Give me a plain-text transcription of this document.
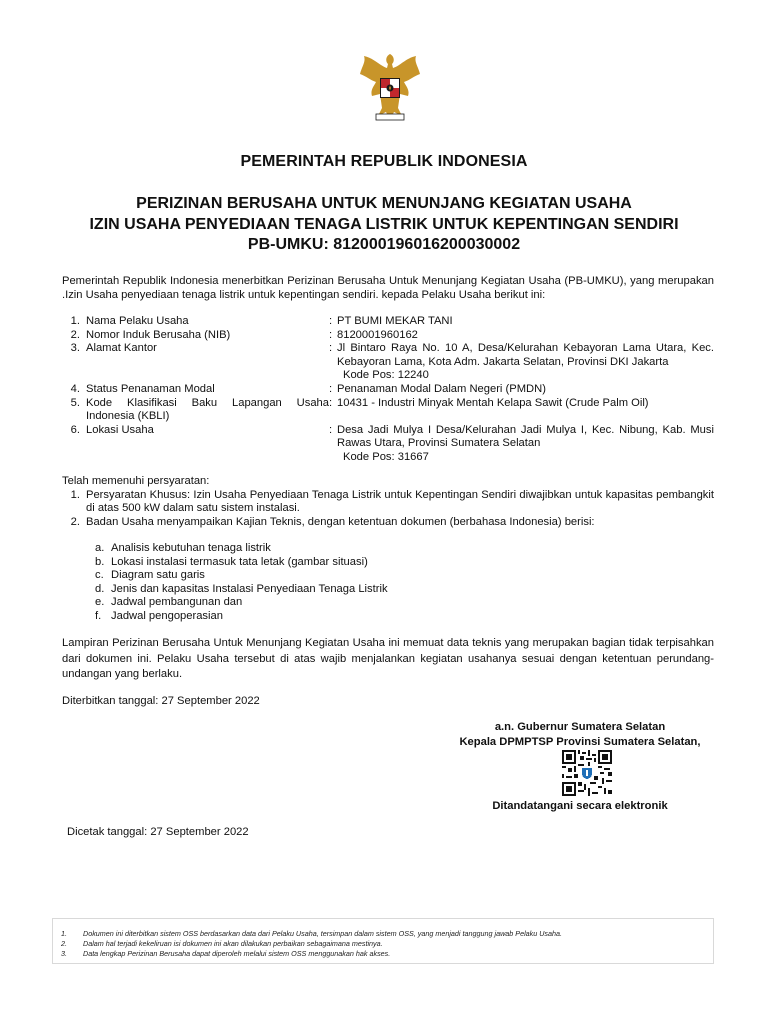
PEMERINTAH REPUBLIK INDONESIA
PERIZINAN BERUSAHA UNTUK MENUNJANG KEGIATAN USAHA
IZIN USAHA PENYEDIAAN TENAGA LISTRIK UNTUK KEPENTINGAN SENDIRI
PB-UMKU: 812000196016200030002
Pemerintah Republik Indonesia menerbitkan Perizinan Berusaha Untuk Menunjang Kegiatan Usaha (PB-UMKU), yang merupakan .Izin Usaha penyediaan tenaga listrik untuk kepentingan sendiri. kepada Pelaku Usaha berikut ini:
1. Nama Pelaku Usaha	: PT BUMI MEKAR TANI
2. Nomor Induk Berusaha (NIB)	: 8120001960162
3. Alamat Kantor	: Jl Bintaro Raya No. 10 A, Desa/Kelurahan Kebayoran Lama Utara, Kec. Kebayoran Lama, Kota Adm. Jakarta Selatan, Provinsi DKI Jakarta
Kode Pos: 12240
4. Status Penanaman Modal	: Penanaman Modal Dalam Negeri (PMDN)
5. Kode Klasifikasi Baku Lapangan Usaha : 10431 - Industri Minyak Mentah Kelapa Sawit (Crude Palm Oil)
Indonesia (KBLI)
6. Lokasi Usaha	: Desa Jadi Mulya I Desa/Kelurahan Jadi Mulya I, Kec. Nibung, Kab. Musi Rawas Utara, Provinsi Sumatera Selatan
Kode Pos: 31667
Telah memenuhi persyaratan:
1. Persyaratan Khusus: Izin Usaha Penyediaan Tenaga Listrik untuk Kepentingan Sendiri diwajibkan untuk kapasitas pembangkit di atas 500 kW dalam satu sistem instalasi.
2. Badan Usaha menyampaikan Kajian Teknis, dengan ketentuan dokumen (berbahasa Indonesia) berisi:
a. Analisis kebutuhan tenaga listrik
b. Lokasi instalasi termasuk tata letak (gambar situasi)
c. Diagram satu garis
d. Jenis dan kapasitas Instalasi Penyediaan Tenaga Listrik
e. Jadwal pembangunan dan
f. Jadwal pengoperasian
Lampiran Perizinan Berusaha Untuk Menunjang Kegiatan Usaha ini memuat data teknis yang merupakan bagian tidak terpisahkan dari dokumen ini. Pelaku Usaha tersebut di atas wajib menjalankan kegiatan usahanya sesuai dengan ketentuan perundang-undangan yang berlaku.
Diterbitkan tanggal: 27 September 2022
a.n. Gubernur Sumatera Selatan
Kepala DPMPTSP Provinsi Sumatera Selatan,
Ditandatangani secara elektronik
Dicetak tanggal: 27 September 2022
1.	Dokumen ini diterbitkan sistem OSS berdasarkan data dari Pelaku Usaha, tersimpan dalam sistem OSS, yang menjadi tanggung jawab Pelaku Usaha.
2.	Dalam hal terjadi kekeliruan isi dokumen ini akan dilakukan perbaikan sebagaimana mestinya.
3.	Data lengkap Perizinan Berusaha dapat diperoleh melalui sistem OSS menggunakan hak akses.
